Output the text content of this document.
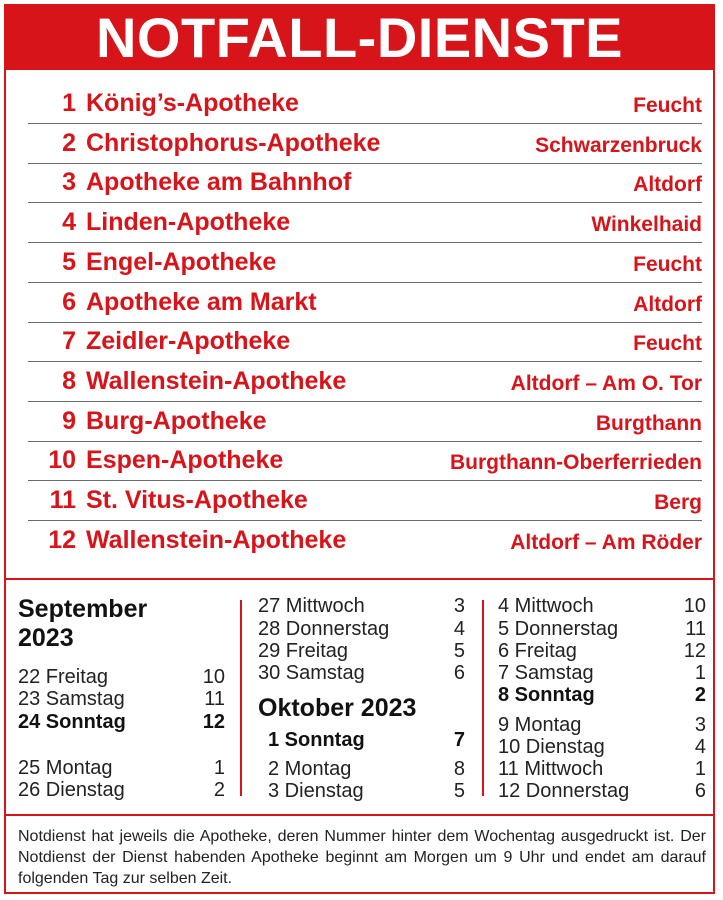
NOTFALL-DIENSTE
1 König’s-Apotheke	Feucht
2 Christophorus-Apotheke	Schwarzenbruck
3 Apotheke am Bahnhof	Altdorf
4 Linden-Apotheke	Winkelhaid
5 Engel-Apotheke	Feucht
6 Apotheke am Markt	Altdorf
7 Zeidler-Apotheke	Feucht
8 Wallenstein-Apotheke	Altdorf – Am O. Tor
9 Burg-Apotheke	Burgthann
10 Espen-Apotheke	Burgthann-Oberferrieden
11 St. Vitus-Apotheke	Berg
12 Wallenstein-Apotheke	Altdorf – Am Röder
September
2023
Oktober 2023
22 Freitag	10
23 Samstag	11
24 Sonntag	12
25 Montag	1
26 Dienstag	2
27 Mittwoch	3
28 Donnerstag	4
29 Freitag	5
30 Samstag	6
1 Sonntag	7
2 Montag	8
3 Dienstag	5
4 Mittwoch	10
5 Donnerstag	11
6 Freitag	12
7 Samstag	1
8 Sonntag	2
9 Montag	3
10 Dienstag	4
11 Mittwoch	1
12 Donnerstag	6
Notdienst hat jeweils die Apotheke, deren Nummer hinter dem Wochentag ausgedruckt ist. Der Notdienst der Dienst habenden Apotheke beginnt am Morgen um 9 Uhr und endet am darauf folgenden Tag zur selben Zeit.
